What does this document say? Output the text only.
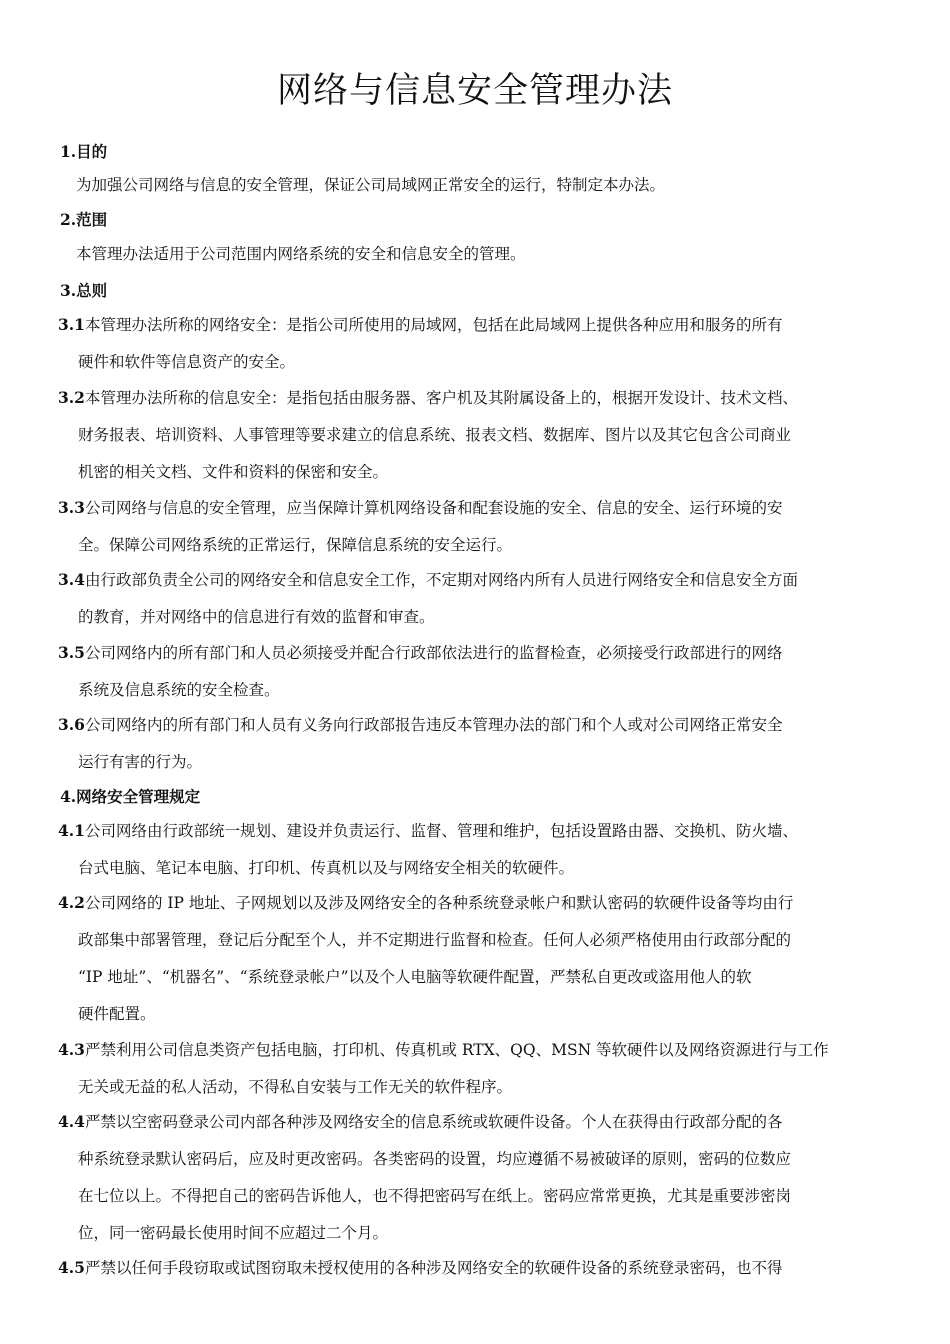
网络与信息安全管理办法
1.目的
为加强公司网络与信息的安全管理，保证公司局域网正常安全的运行，特制定本办法。
2.范围
本管理办法适用于公司范围内网络系统的安全和信息安全的管理。
3.总则
3.1 本管理办法所称的网络安全：是指公司所使用的局域网，包括在此局域网上提供各种应用和服务的所有
硬件和软件等信息资产的安全。
3.2 本管理办法所称的信息安全：是指包括由服务器、客户机及其附属设备上的，根据开发设计、技术文档、
财务报表、培训资料、人事管理等要求建立的信息系统、报表文档、数据库、图片以及其它包含公司商业
机密的相关文档、文件和资料的保密和安全。
3.3 公司网络与信息的安全管理，应当保障计算机网络设备和配套设施的安全、信息的安全、运行环境的安
全。保障公司网络系统的正常运行，保障信息系统的安全运行。
3.4 由行政部负责全公司的网络安全和信息安全工作，不定期对网络内所有人员进行网络安全和信息安全方面
的教育，并对网络中的信息进行有效的监督和审查。
3.5 公司网络内的所有部门和人员必须接受并配合行政部依法进行的监督检查，必须接受行政部进行的网络
系统及信息系统的安全检查。
3.6 公司网络内的所有部门和人员有义务向行政部报告违反本管理办法的部门和个人或对公司网络正常安全
运行有害的行为。
4.网络安全管理规定
4.1 公司网络由行政部统一规划、建设并负责运行、监督、管理和维护，包括设置路由器、交换机、防火墙、
台式电脑、笔记本电脑、打印机、传真机以及与网络安全相关的软硬件。
4.2 公司网络的 IP 地址、子网规划以及涉及网络安全的各种系统登录帐户和默认密码的软硬件设备等均由行
政部集中部署管理，登记后分配至个人，并不定期进行监督和检查。任何人必须严格使用由行政部分配的
“IP 地址”、“机器名”、“系统登录帐户”以及个人电脑等软硬件配置，严禁私自更改或盗用他人的软
硬件配置。
4.3 严禁利用公司信息类资产包括电脑，打印机、传真机或 RTX、QQ、MSN 等软硬件以及网络资源进行与工作
无关或无益的私人活动，不得私自安装与工作无关的软件程序。
4.4 严禁以空密码登录公司内部各种涉及网络安全的信息系统或软硬件设备。个人在获得由行政部分配的各
种系统登录默认密码后，应及时更改密码。各类密码的设置，均应遵循不易被破译的原则，密码的位数应
在七位以上。不得把自己的密码告诉他人，也不得把密码写在纸上。密码应常常更换，尤其是重要涉密岗
位，同一密码最长使用时间不应超过二个月。
4.5 严禁以任何手段窃取或试图窃取未授权使用的各种涉及网络安全的软硬件设备的系统登录密码，也不得
